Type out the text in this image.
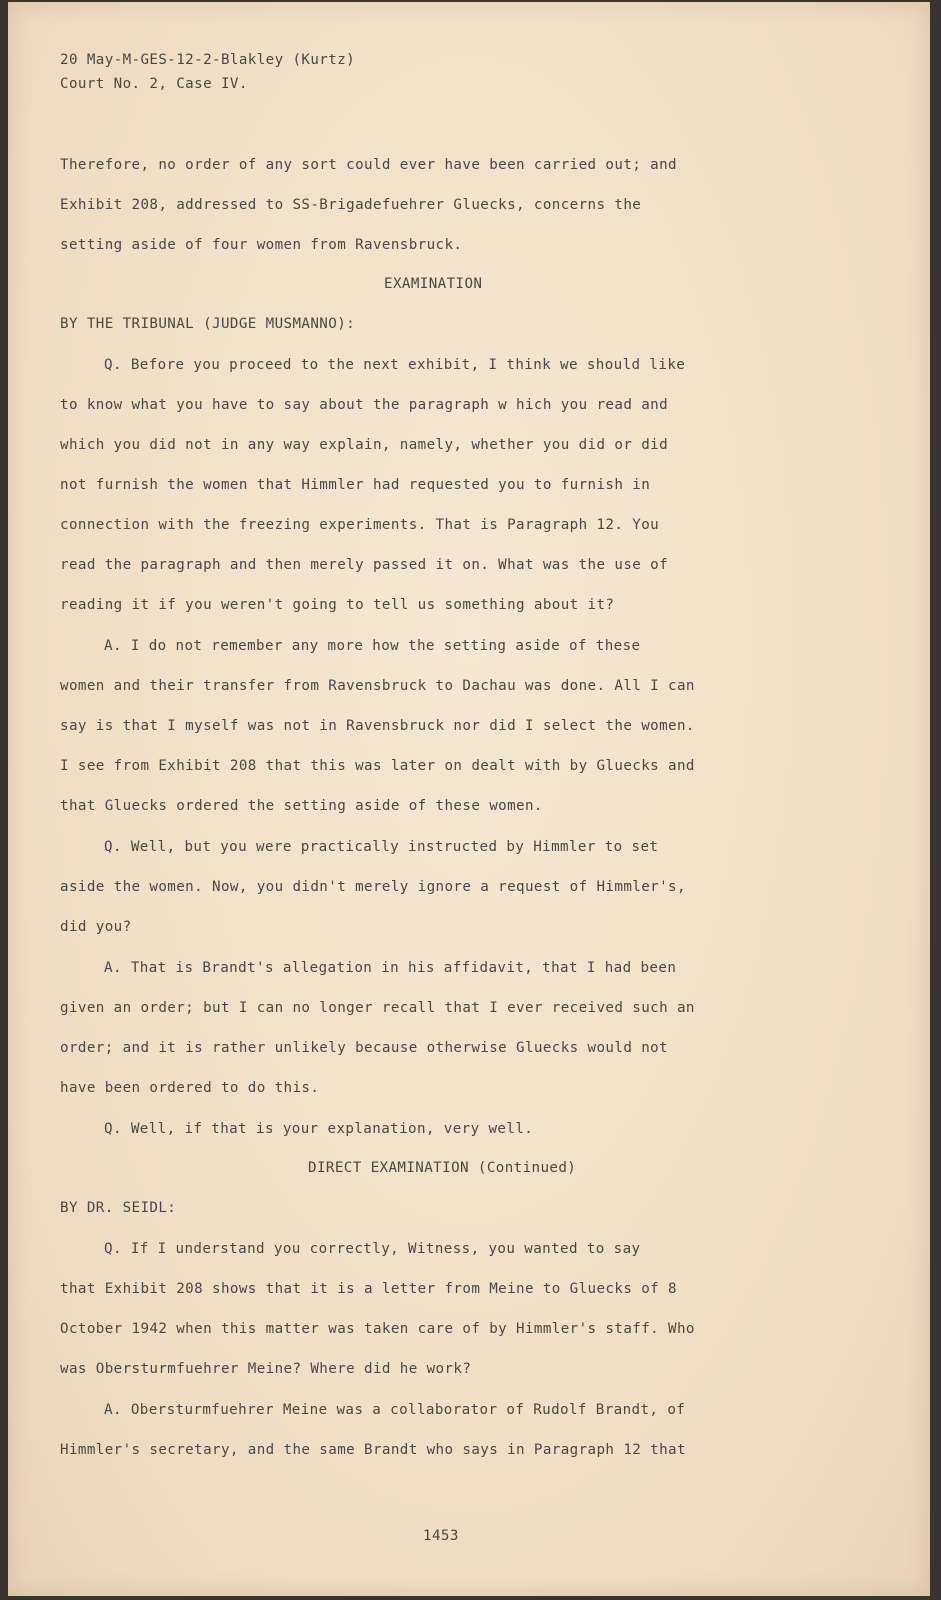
20 May-M-GES-12-2-Blakley (Kurtz)
Court No. 2, Case IV.
Therefore, no order of any sort could ever have been carried out; and
Exhibit 208, addressed to SS-Brigadefuehrer Gluecks, concerns the
setting aside of four women from Ravensbruck.
EXAMINATION
BY THE TRIBUNAL (JUDGE MUSMANNO):
Q. Before you proceed to the next exhibit, I think we should like
to know what you have to say about the paragraph w hich you read and
which you did not in any way explain, namely, whether you did or did
not furnish the women that Himmler had requested you to furnish in
connection with the freezing experiments. That is Paragraph 12. You
read the paragraph and then merely passed it on. What was the use of
reading it if you weren't going to tell us something about it?
A. I do not remember any more how the setting aside of these
women and their transfer from Ravensbruck to Dachau was done. All I can
say is that I myself was not in Ravensbruck nor did I select the women.
I see from Exhibit 208 that this was later on dealt with by Gluecks and
that Gluecks ordered the setting aside of these women.
Q. Well, but you were practically instructed by Himmler to set
aside the women. Now, you didn't merely ignore a request of Himmler's,
did you?
A. That is Brandt's allegation in his affidavit, that I had been
given an order; but I can no longer recall that I ever received such an
order; and it is rather unlikely because otherwise Gluecks would not
have been ordered to do this.
Q. Well, if that is your explanation, very well.
DIRECT EXAMINATION (Continued)
BY DR. SEIDL:
Q. If I understand you correctly, Witness, you wanted to say
that Exhibit 208 shows that it is a letter from Meine to Gluecks of 8
October 1942 when this matter was taken care of by Himmler's staff. Who
was Obersturmfuehrer Meine? Where did he work?
A. Obersturmfuehrer Meine was a collaborator of Rudolf Brandt, of
Himmler's secretary, and the same Brandt who says in Paragraph 12 that
1453
